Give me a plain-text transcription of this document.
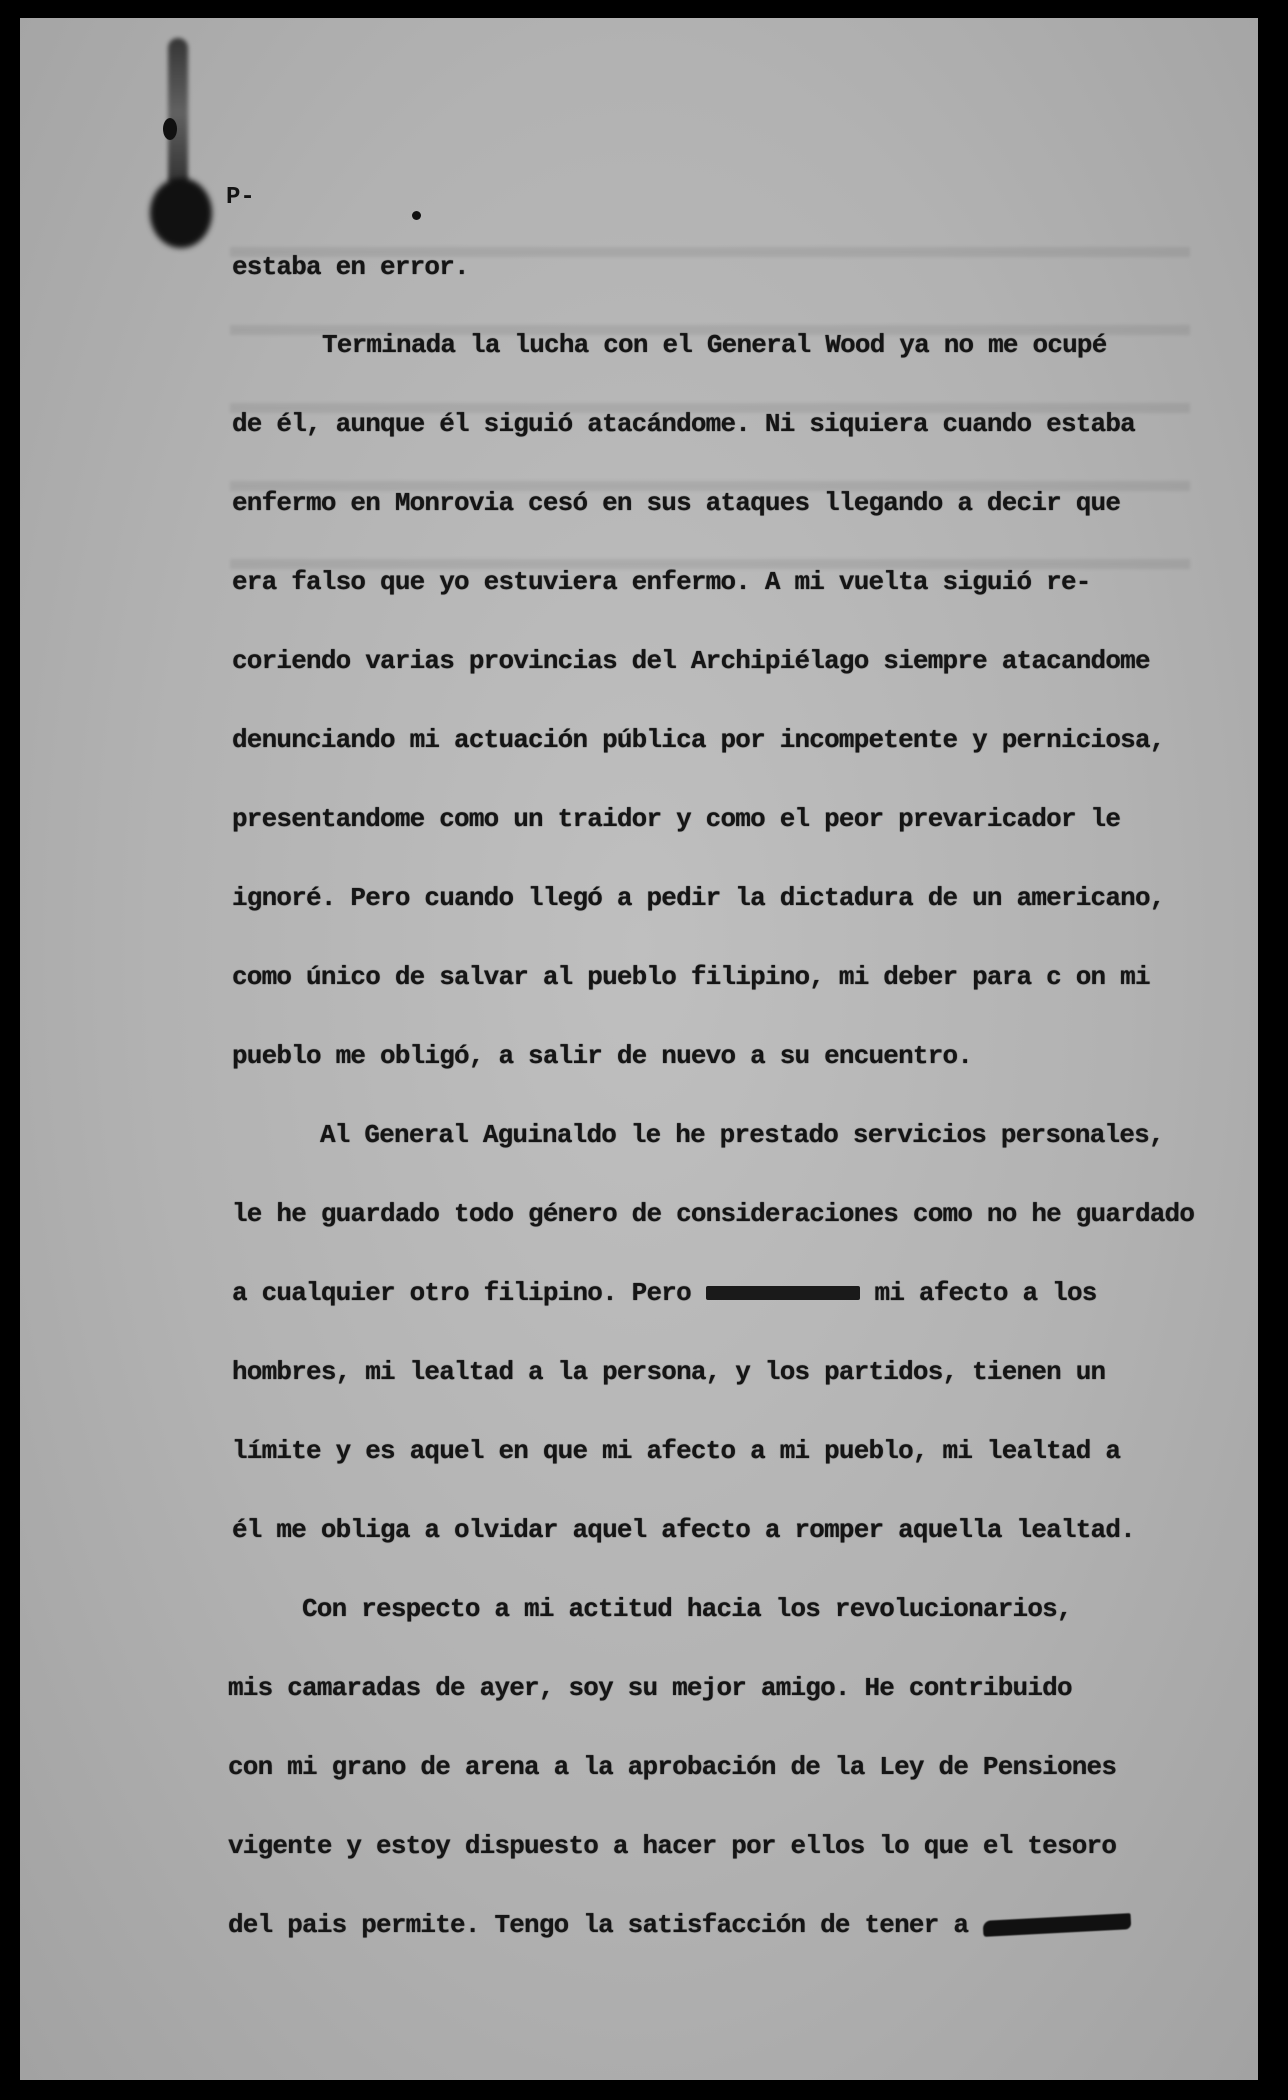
P-
estaba en error.
Terminada la lucha con el General Wood ya no me ocupé
de él, aunque él siguió atacándome. Ni siquiera cuando estaba
enfermo en Monrovia cesó en sus ataques llegando a decir que
era falso que yo estuviera enfermo. A mi vuelta siguió re-
coriendo varias provincias del Archipiélago siempre atacandome
denunciando mi actuación pública por incompetente y perniciosa,
presentandome como un traidor y como el peor prevaricador le
ignoré. Pero cuando llegó a pedir la dictadura de un americano,
como único de salvar al pueblo filipino, mi deber para c on mi
pueblo me obligó, a salir de nuevo a su encuentro.
Al General Aguinaldo le he prestado servicios personales,
le he guardado todo género de consideraciones como no he guardado
a cualquier otro filipino. Pero	mi afecto a los
hombres, mi lealtad a la persona, y los partidos, tienen un
límite y es aquel en que mi afecto a mi pueblo, mi lealtad a
él me obliga a olvidar aquel afecto a romper aquella lealtad.
Con respecto a mi actitud hacia los revolucionarios,
mis camaradas de ayer, soy su mejor amigo. He contribuido
con mi grano de arena a la aprobación de la Ley de Pensiones
vigente y estoy dispuesto a hacer por ellos lo que el tesoro
del pais permite. Tengo la satisfacción de tener a
